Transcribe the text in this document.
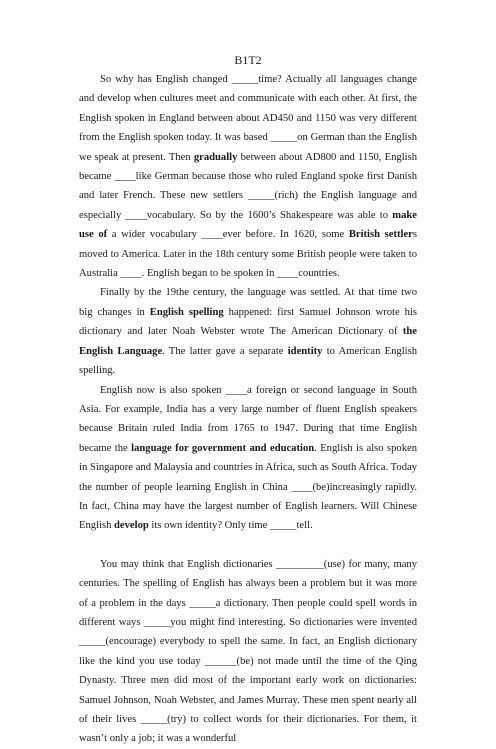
B1T2

So why has English changed _____time? Actually all languages change and develop when cultures meet and communicate with each other. At first, the English spoken in England between about AD450 and 1150 was very different from the English spoken today. It was based _____on German than the English we speak at present. Then gradually between about AD800 and 1150, English became ____like German because those who ruled England spoke first Danish and later French. These new settlers _____(rich) the English language and especially ____vocabulary. So by the 1600’s Shakespeare was able to make use of a wider vocabulary ____ever before. In 1620, some British settlers moved to America. Later in the 18th century some British people were taken to Australia ____. English began to be spoken in ____countries.

Finally by the 19the century, the language was settled. At that time two big changes in English spelling happened: first Samuel Johnson wrote his dictionary and later Noah Webster wrote The American Dictionary of the English Language. The latter gave a separate identity to American English spelling.

English now is also spoken ____a foreign or second language in South Asia. For example, India has a very large number of fluent English speakers because Britain ruled India from 1765 to 1947. During that time English became the language for government and education. English is also spoken in Singapore and Malaysia and countries in Africa, such as South Africa. Today the number of people learning English in China ____(be)increasingly rapidly. In fact, China may have the largest number of English learners. Will Chinese English develop its own identity? Only time _____tell.

You may think that English dictionaries _________(use) for many, many centuries. The spelling of English has always been a problem but it was more of a problem in the days _____a dictionary. Then people could spell words in different ways _____you might find interesting. So dictionaries were invented _____(encourage) everybody to spell the same. In fact, an English dictionary like the kind you use today ______(be) not made until the time of the Qing Dynasty. Three men did most of the important early work on dictionaries: Samuel Johnson, Noah Webster, and James Murray. These men spent nearly all of their lives _____(try) to collect words for their dictionaries. For them, it wasn’t only a job; it was a wonderful
